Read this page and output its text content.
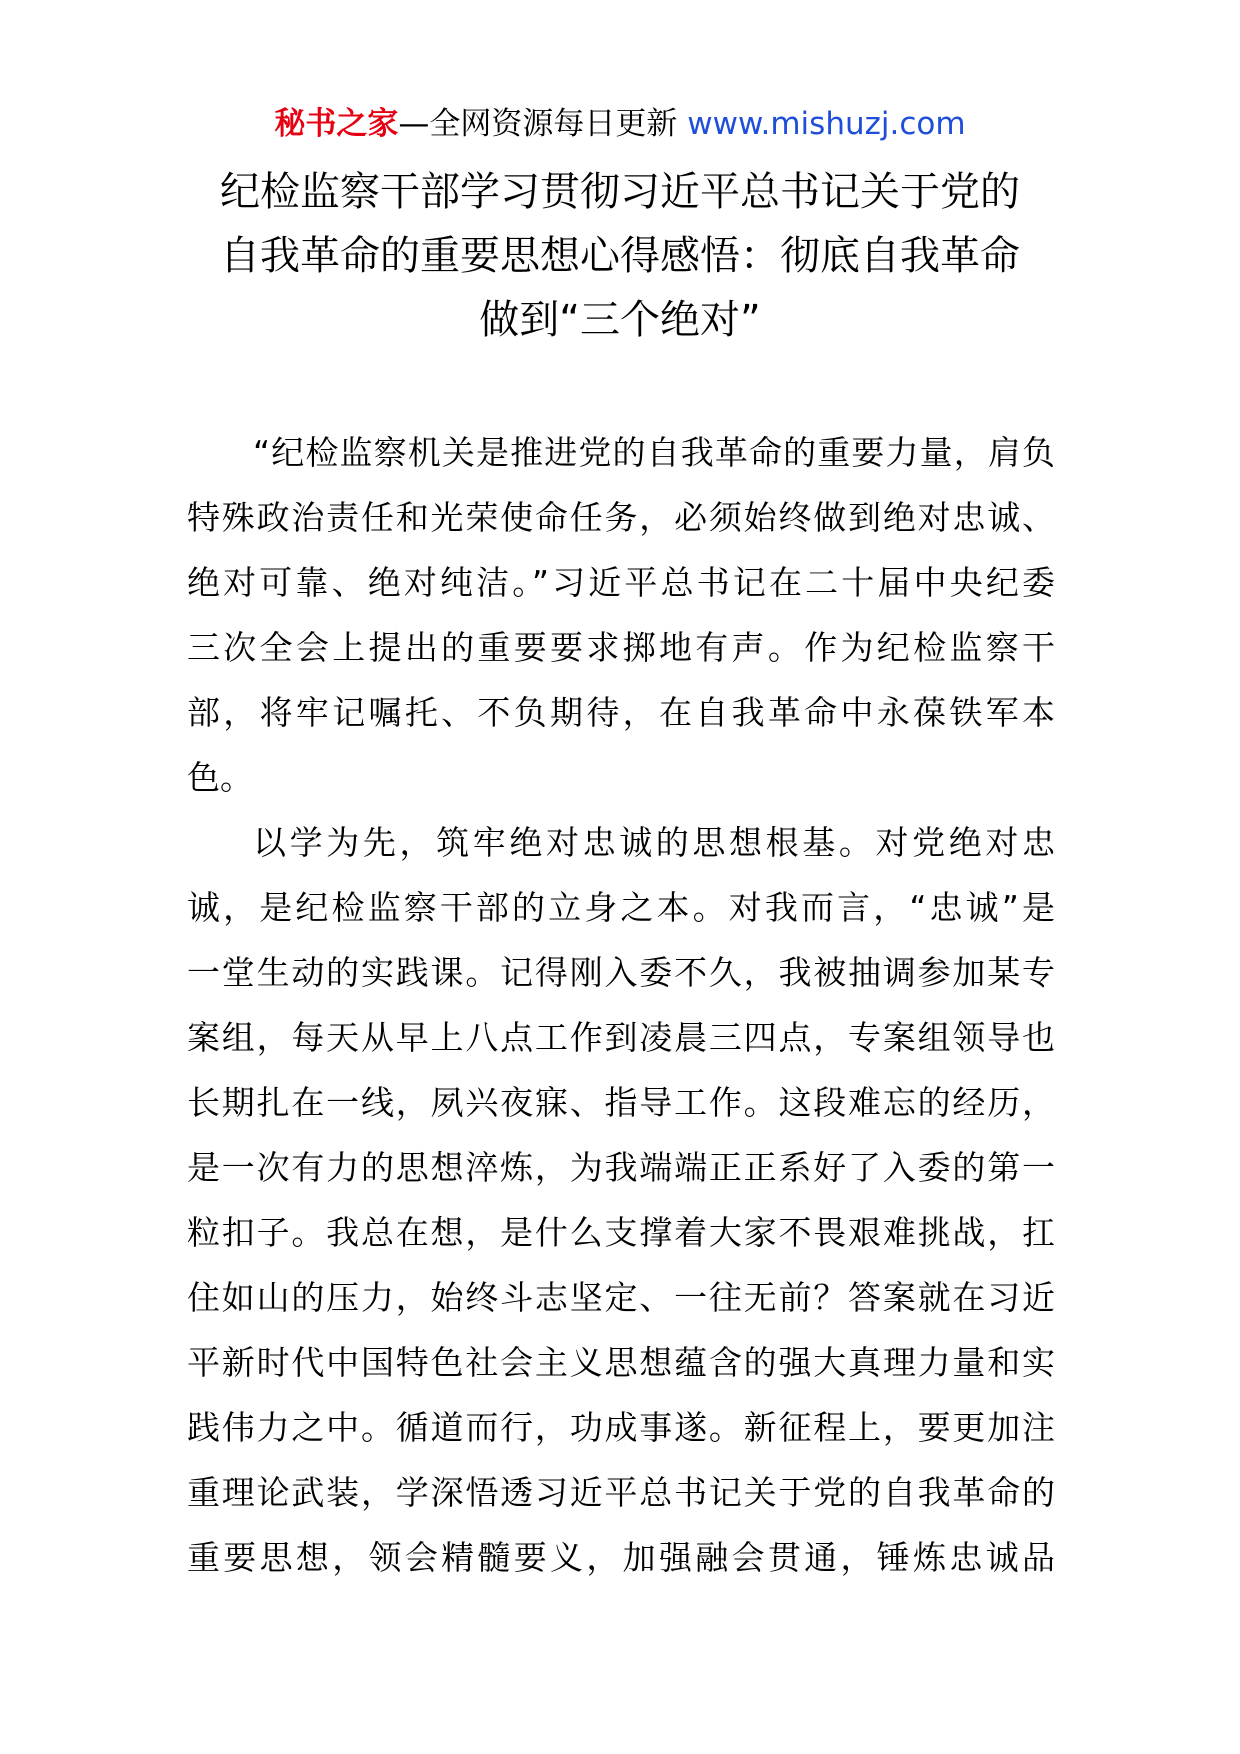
秘书之家—全网资源每日更新 www.mishuzj.com
纪检监察干部学习贯彻习近平总书记关于党的
自我革命的重要思想心得感悟：彻底自我革命
做到“三个绝对”
“纪检监察机关是推进党的自我革命的重要力量，肩负
特殊政治责任和光荣使命任务，必须始终做到绝对忠诚、
绝对可靠、绝对纯洁。”习近平总书记在二十届中央纪委
三次全会上提出的重要要求掷地有声。作为纪检监察干
部，将牢记嘱托、不负期待，在自我革命中永葆铁军本
色。
以学为先，筑牢绝对忠诚的思想根基。对党绝对忠
诚，是纪检监察干部的立身之本。对我而言，“忠诚”是
一堂生动的实践课。记得刚入委不久，我被抽调参加某专
案组，每天从早上八点工作到凌晨三四点，专案组领导也
长期扎在一线，夙兴夜寐、指导工作。这段难忘的经历，
是一次有力的思想淬炼，为我端端正正系好了入委的第一
粒扣子。我总在想，是什么支撑着大家不畏艰难挑战，扛
住如山的压力，始终斗志坚定、一往无前？答案就在习近
平新时代中国特色社会主义思想蕴含的强大真理力量和实
践伟力之中。循道而行，功成事遂。新征程上，要更加注
重理论武装，学深悟透习近平总书记关于党的自我革命的
重要思想，领会精髓要义，加强融会贯通，锤炼忠诚品
